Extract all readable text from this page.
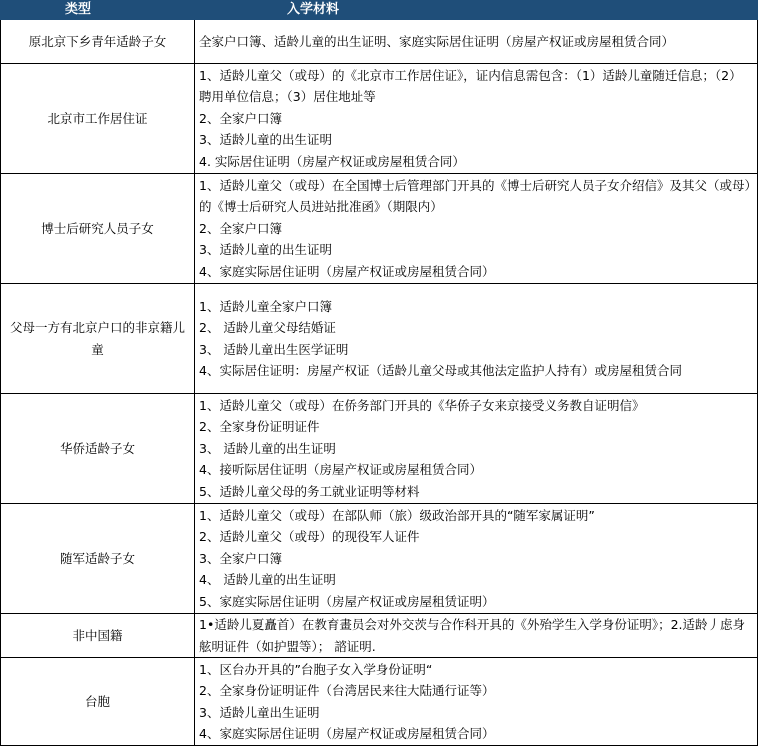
类型	入学材料
原北京下乡青年适龄子女	全家户口簿、适龄儿童的出生证明、家庭实际居住证明（房屋产权证或房屋租赁合同）

北京市工作居住证	1、适龄儿童父（或母）的《北京市工作居住证》，证内信息需包含：（1）适龄儿童随迁信息；（2）聘用单位信息；（3）居住地址等
2、全家户口簿
3、适龄儿童的出生证明
4. 实际居住证明（房屋产权证或房屋租赁合同）

博士后研究人员子女	1、适龄儿童父（或母）在全国博士后管理部门开具的《博士后研究人员子女介绍信》及其父（或母）的《博士后研究人员进站批准函》（期限内）
2、全家户口簿
3、适龄儿童的出生证明
4、家庭实际居住证明（房屋产权证或房屋租赁合同）

父母一方有北京户口的非京籍儿童	1、适龄儿童全家户口簿
2、 适龄儿童父母结婚证
3、 适龄儿童出生医学证明
4、实际居住证明：房屋产权证（适龄儿童父母或其他法定监护人持有）或房屋租赁合同

华侨适龄子女	1、适龄儿童父（或母）在侨务部门开具的《华侨子女来京接受义务教自证明信》
2、全家身份证明证件
3、 适龄儿童的出生证明
4、接听际居住证明（房屋产权证或房屋租赁合同）
5、适龄儿童父母的务工就业证明等材料

随军适龄子女	1、适龄儿童父（或母）在部队师（旅）级政治部开具的“随军家属证明”
2、适龄儿童父（或母）的现役军人证件
3、全家户口簿
4、 适龄儿童的出生证明
5、家庭实际居住证明（房屋产权证或房屋租赁证明）

非中国籍	1•适龄儿夏矗首）在教育畫员会对外交茨与合作科开具的《外殆学生入学身份证明》；2.适龄丿虑身舷明证件（如护盟等）； 諮证明.

台胞	1、区台办开具的”台胞子女入学身份证明“
2、全家身份证明证件（台湾居民来往大陆通行证等）
3、适龄儿童出生证明
4、家庭实际居住证明（房屋产权证或房屋租赁合同）
